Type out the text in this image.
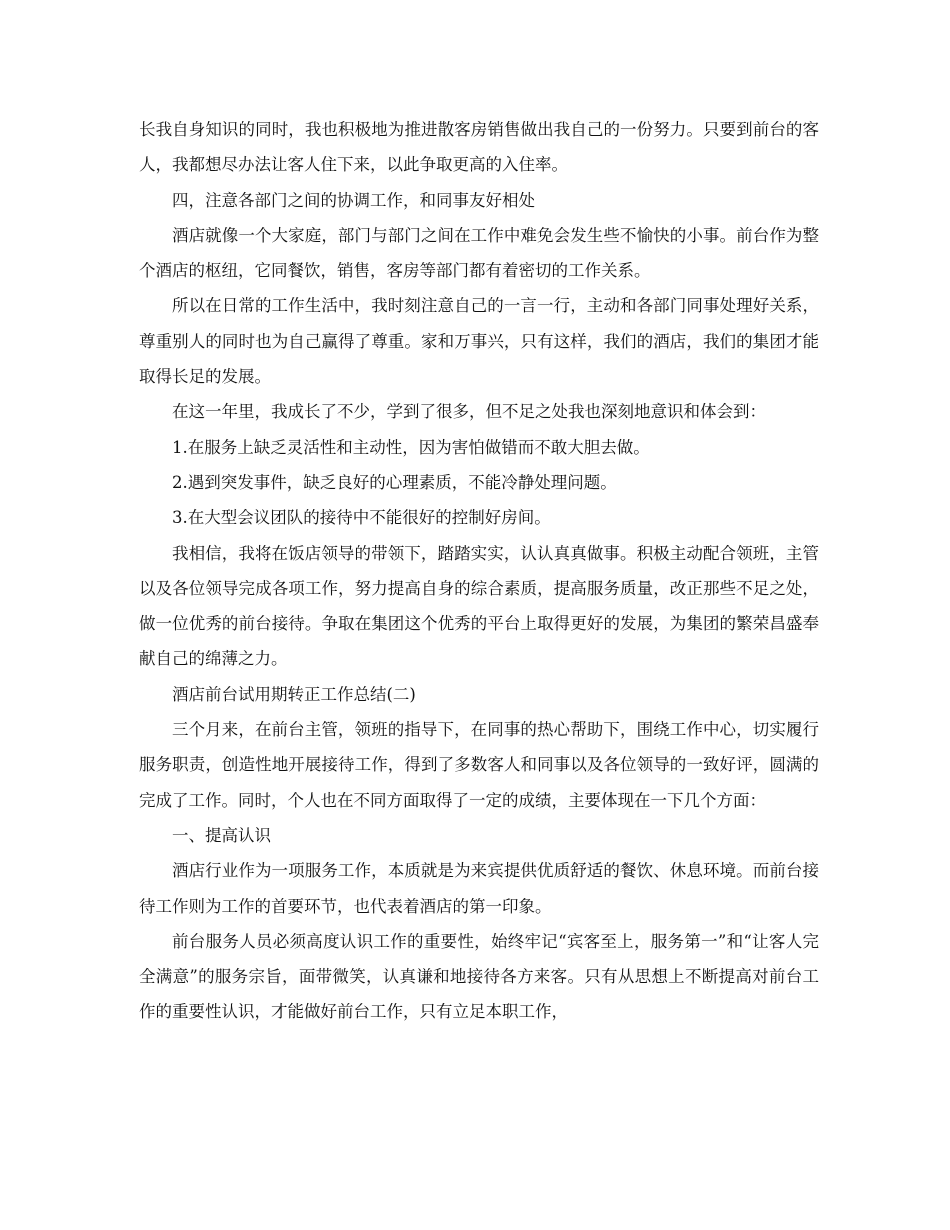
长我自身知识的同时，我也积极地为推进散客房销售做出我自己的一份努力。只要到前台的客人，我都想尽办法让客人住下来，以此争取更高的入住率。

四，注意各部门之间的协调工作，和同事友好相处

酒店就像一个大家庭，部门与部门之间在工作中难免会发生些不愉快的小事。前台作为整个酒店的枢纽，它同餐饮，销售，客房等部门都有着密切的工作关系。

所以在日常的工作生活中，我时刻注意自己的一言一行，主动和各部门同事处理好关系，尊重别人的同时也为自己赢得了尊重。家和万事兴，只有这样，我们的酒店，我们的集团才能取得长足的发展。

在这一年里，我成长了不少，学到了很多，但不足之处我也深刻地意识和体会到：

1.在服务上缺乏灵活性和主动性，因为害怕做错而不敢大胆去做。

2.遇到突发事件，缺乏良好的心理素质，不能冷静处理问题。

3.在大型会议团队的接待中不能很好的控制好房间。

我相信，我将在饭店领导的带领下，踏踏实实，认认真真做事。积极主动配合领班，主管以及各位领导完成各项工作，努力提高自身的综合素质，提高服务质量，改正那些不足之处，做一位优秀的前台接待。争取在集团这个优秀的平台上取得更好的发展，为集团的繁荣昌盛奉献自己的绵薄之力。

酒店前台试用期转正工作总结(二)

三个月来，在前台主管，领班的指导下，在同事的热心帮助下，围绕工作中心，切实履行服务职责，创造性地开展接待工作，得到了多数客人和同事以及各位领导的一致好评，圆满的完成了工作。同时，个人也在不同方面取得了一定的成绩，主要体现在一下几个方面：

一、提高认识

酒店行业作为一项服务工作，本质就是为来宾提供优质舒适的餐饮、休息环境。而前台接待工作则为工作的首要环节，也代表着酒店的第一印象。

前台服务人员必须高度认识工作的重要性，始终牢记“宾客至上，服务第一”和“让客人完全满意”的服务宗旨，面带微笑，认真谦和地接待各方来客。只有从思想上不断提高对前台工作的重要性认识，才能做好前台工作，只有立足本职工作，
